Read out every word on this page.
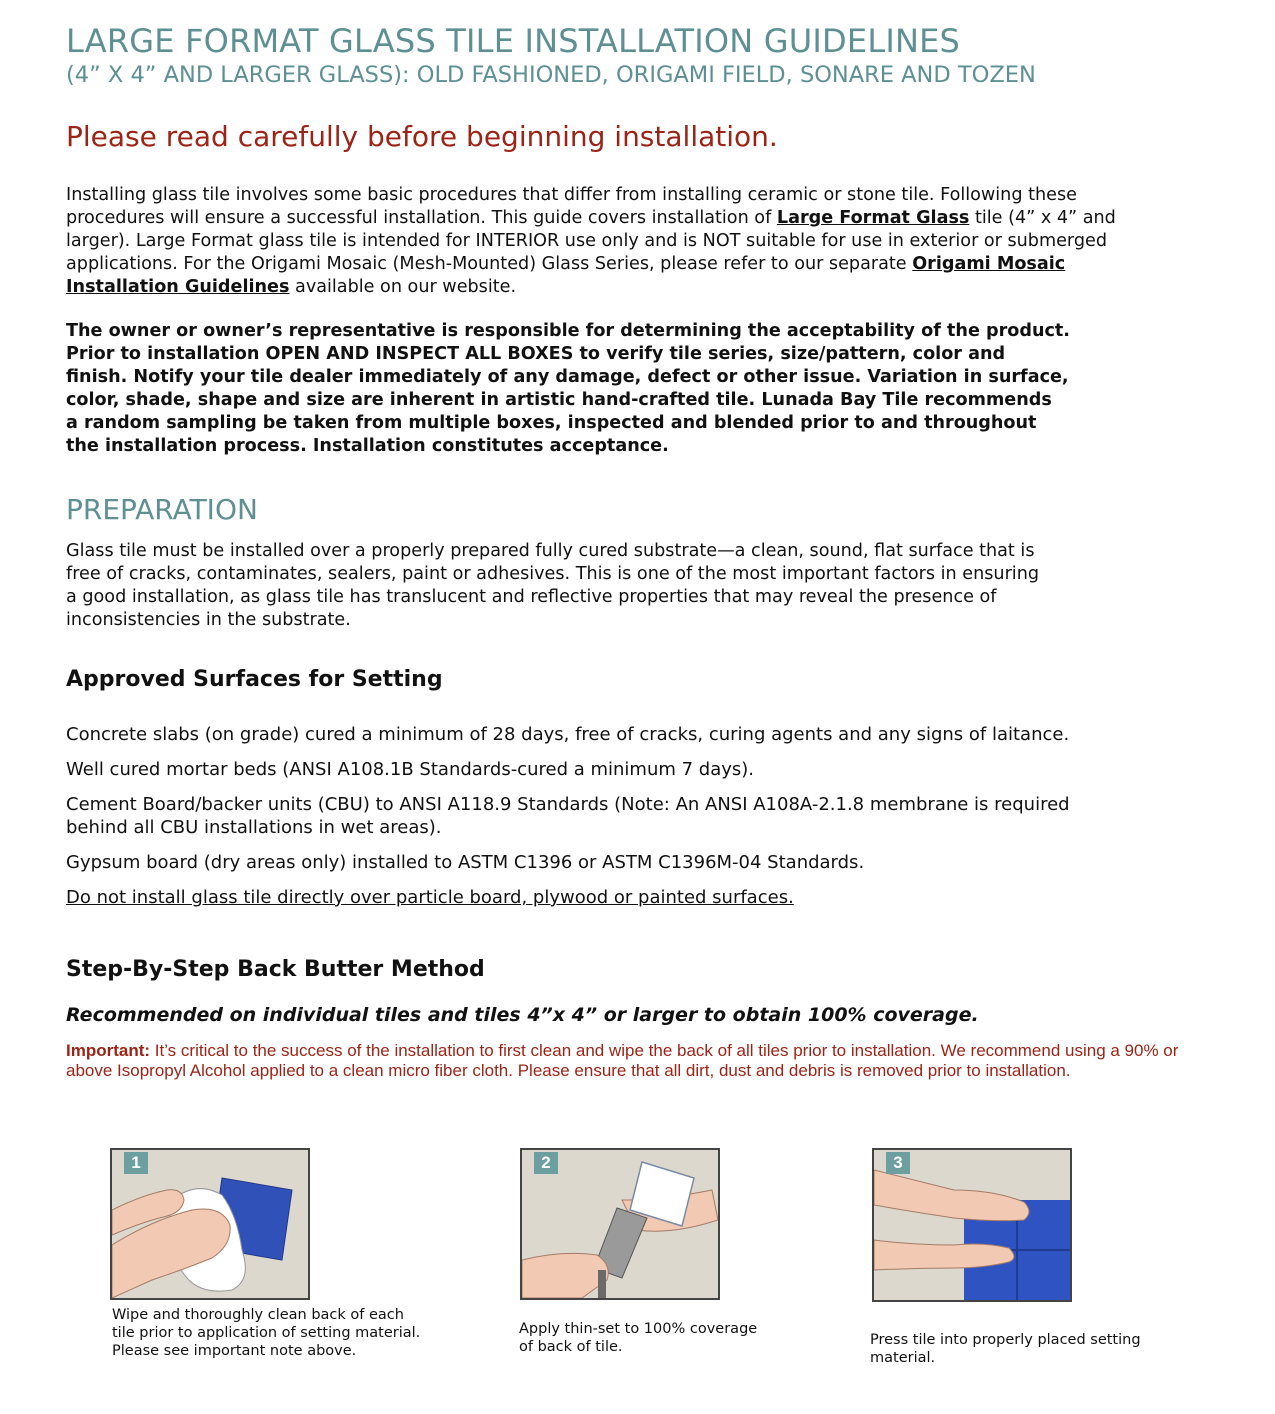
LARGE FORMAT GLASS TILE INSTALLATION GUIDELINES
(4” X 4” AND LARGER GLASS): OLD FASHIONED, ORIGAMI FIELD, SONARE AND TOZEN
Please read carefully before beginning installation.
Installing glass tile involves some basic procedures that differ from installing ceramic or stone tile. Following these
procedures will ensure a successful installation. This guide covers installation of Large Format Glass tile (4” x 4” and
larger). Large Format glass tile is intended for INTERIOR use only and is NOT suitable for use in exterior or submerged
applications. For the Origami Mosaic (Mesh-Mounted) Glass Series, please refer to our separate Origami Mosaic
Installation Guidelines available on our website.
The owner or owner’s representative is responsible for determining the acceptability of the product.
Prior to installation OPEN AND INSPECT ALL BOXES to verify tile series, size/pattern, color and
finish. Notify your tile dealer immediately of any damage, defect or other issue. Variation in surface,
color, shade, shape and size are inherent in artistic hand-crafted tile. Lunada Bay Tile recommends
a random sampling be taken from multiple boxes, inspected and blended prior to and throughout
the installation process. Installation constitutes acceptance.
PREPARATION
Glass tile must be installed over a properly prepared fully cured substrate—a clean, sound, flat surface that is
free of cracks, contaminates, sealers, paint or adhesives. This is one of the most important factors in ensuring
a good installation, as glass tile has translucent and reflective properties that may reveal the presence of
inconsistencies in the substrate.
Approved Surfaces for Setting
Concrete slabs (on grade) cured a minimum of 28 days, free of cracks, curing agents and any signs of laitance.
Well cured mortar beds (ANSI A108.1B Standards-cured a minimum 7 days).
Cement Board/backer units (CBU) to ANSI A118.9 Standards (Note: An ANSI A108A-2.1.8 membrane is required
behind all CBU installations in wet areas).
Gypsum board (dry areas only) installed to ASTM C1396 or ASTM C1396M-04 Standards.
Do not install glass tile directly over particle board, plywood or painted surfaces.
Step-By-Step Back Butter Method
Recommended on individual tiles and tiles 4”x 4” or larger to obtain 100% coverage.
Important: It’s critical to the success of the installation to first clean and wipe the back of all tiles prior to installation. We recommend using a 90% or above Isopropyl Alcohol applied to a clean micro fiber cloth. Please ensure that all dirt, dust and debris is removed prior to installation.
1
Wipe and thoroughly clean back of each
tile prior to application of setting material.
Please see important note above.
2
Apply thin-set to 100% coverage
of back of tile.
3
Press tile into properly placed setting
material.
